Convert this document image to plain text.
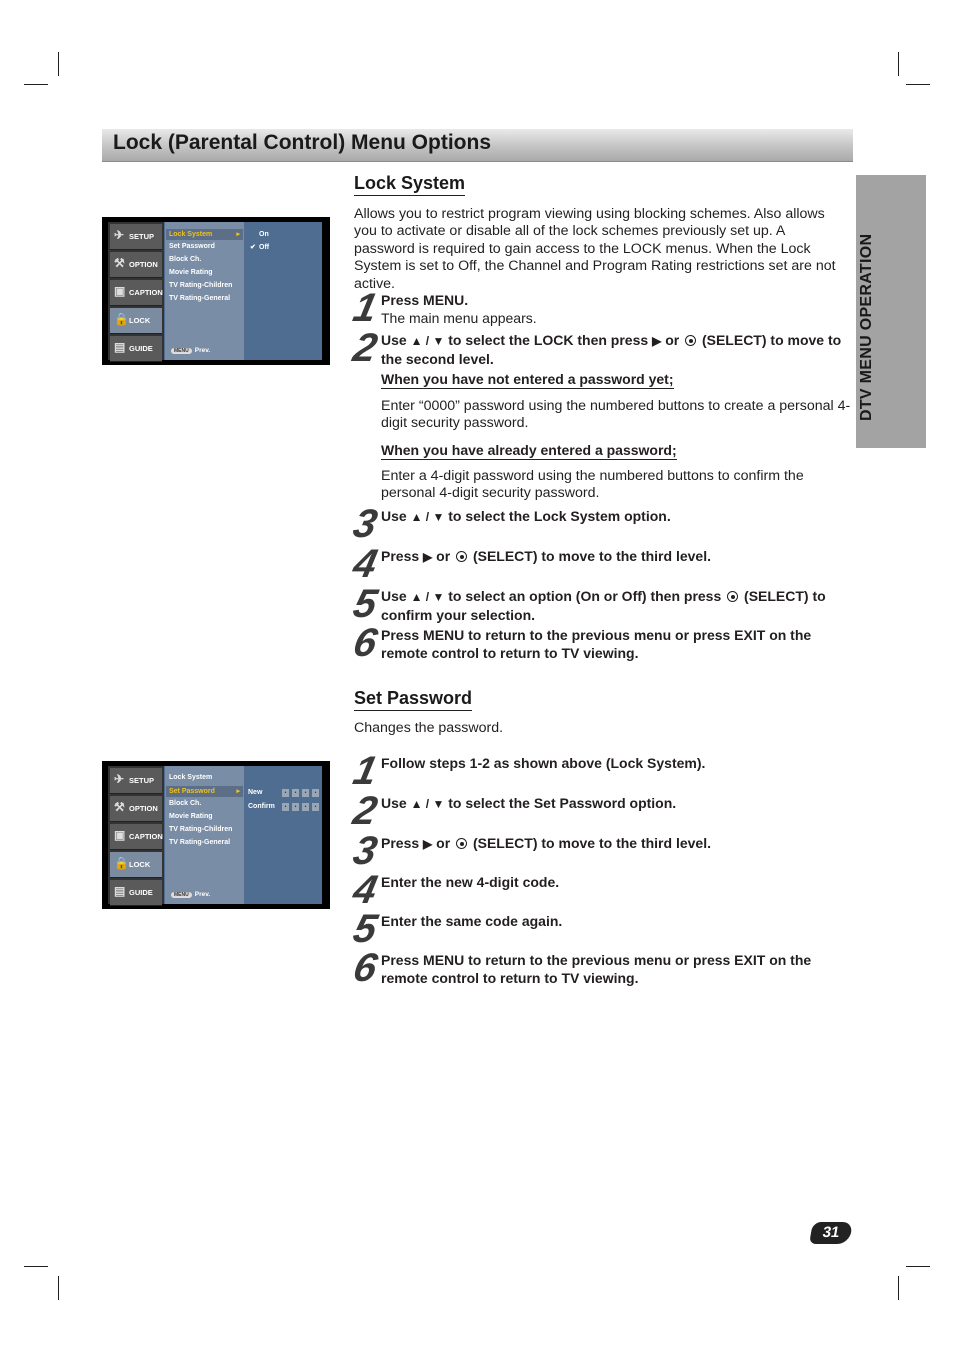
Lock (Parental Control) Menu Options
DTV MENU OPERATION
✈ SETUP
⚒ OPTION
▣ CAPTION
🔒 LOCK
▤ GUIDE
Lock System	▸
Set Password
Block Ch.
Movie Rating
TV Rating-Children
TV Rating-General
MENU Prev.
On
✔ Off
✈ SETUP
⚒ OPTION
▣ CAPTION
🔒 LOCK
▤ GUIDE
Lock System
Set Password	▸
Block Ch.
Movie Rating
TV Rating-Children
TV Rating-General
MENU Prev.
New
Confirm
•	•	•	•
•	•	•	•
Lock System
Allows you to restrict program viewing using blocking schemes. Also allows you to activate or disable all of the lock schemes previously set up. A password is required to gain access to the LOCK menus. When the Lock System is set to Off, the Channel and Program Rating restrictions set are not active.
1 Press MENU.
The main menu appears.
2 Use ▲ / ▼ to select the LOCK then press ▶ or (SELECT) to move to the second level.
When you have not entered a password yet;
Enter “0000” password using the numbered buttons to create a personal 4-digit security password.
When you have already entered a password;
Enter a 4-digit password using the numbered buttons to confirm the personal 4-digit security password.
3 Use ▲ / ▼ to select the Lock System option.
4 Press ▶ or (SELECT) to move to the third level.
5 Use ▲ / ▼ to select an option (On or Off) then press (SELECT) to confirm your selection.
6 Press MENU to return to the previous menu or press EXIT on the remote control to return to TV viewing.
Set Password
Changes the password.
1 Follow steps 1-2 as shown above (Lock System).
2 Use ▲ / ▼ to select the Set Password option.
3 Press ▶ or (SELECT) to move to the third level.
4 Enter the new 4-digit code.
5 Enter the same code again.
6 Press MENU to return to the previous menu or press EXIT on the remote control to return to TV viewing.
31
